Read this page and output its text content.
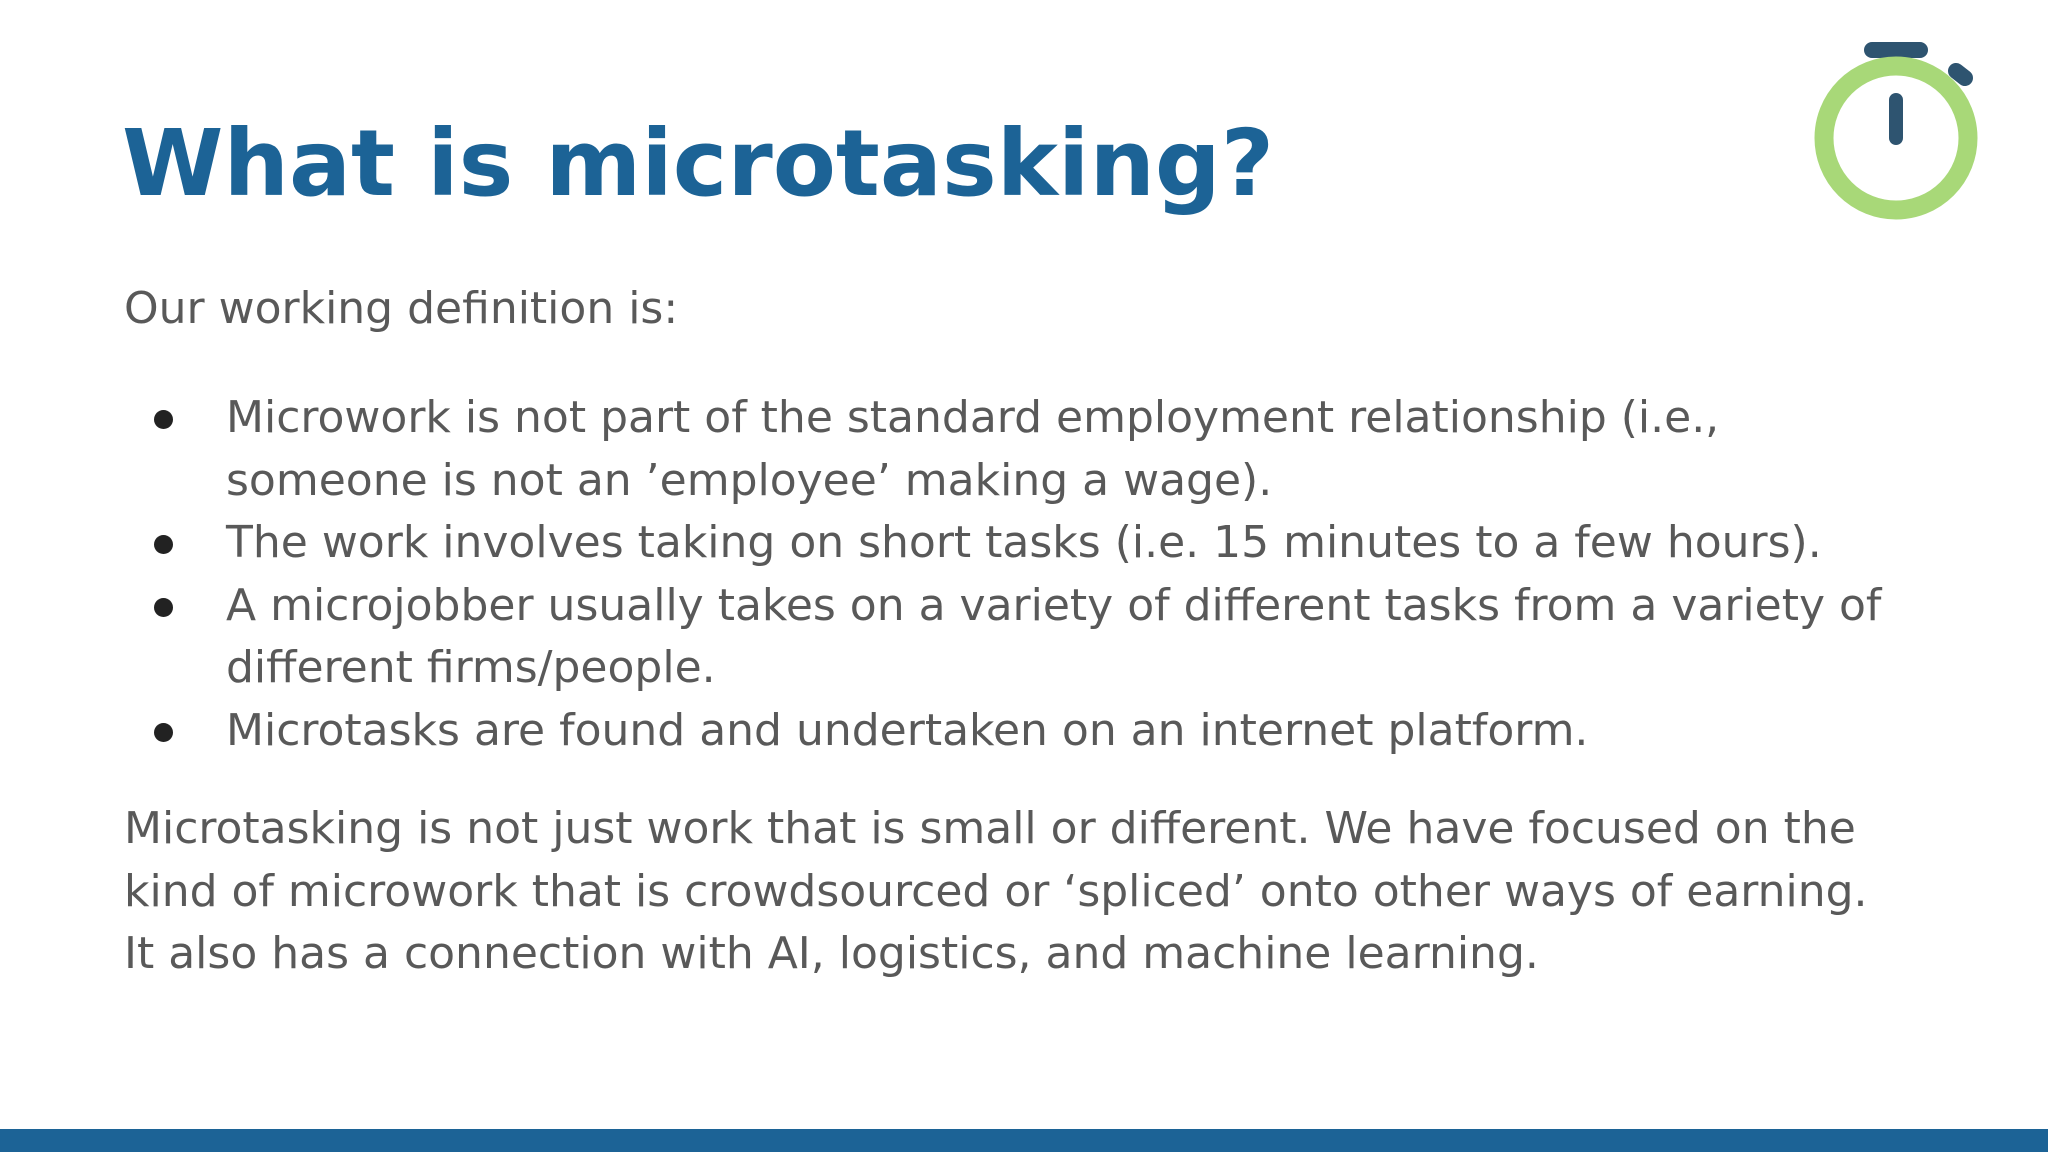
What is microtasking?

Our working definition is:

Microwork is not part of the standard employment relationship (i.e.,
someone is not an ’employee’ making a wage).
The work involves taking on short tasks (i.e. 15 minutes to a few hours).
A microjobber usually takes on a variety of different tasks from a variety of
different firms/people.
Microtasks are found and undertaken on an internet platform.

Microtasking is not just work that is small or different. We have focused on the
kind of microwork that is crowdsourced or ‘spliced’ onto other ways of earning.
It also has a connection with AI, logistics, and machine learning.
